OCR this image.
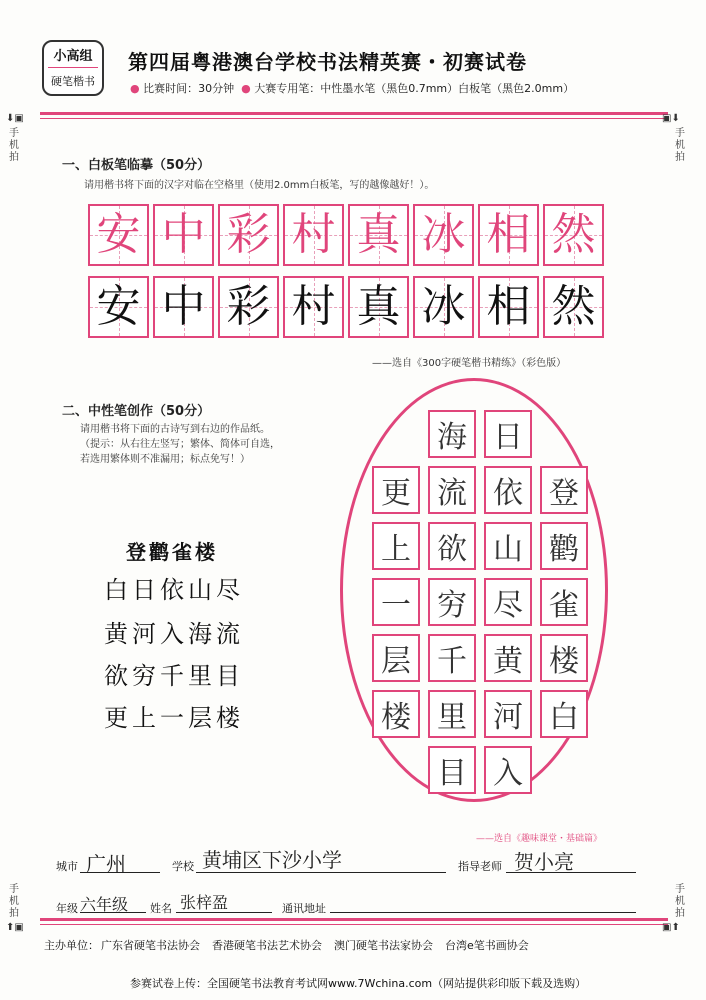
小高组
硬笔楷书
第四届粤港澳台学校书法精英赛・初赛试卷
● 比赛时间：30分钟 ● 大赛专用笔：中性墨水笔（黑色0.7mm）白板笔（黑色2.0mm）
⬇▣
手
机
拍
▣⬇
手
机
拍
手
机
拍
⬆▣
手
机
拍
▣⬆
一、白板笔临摹（50分）
请用楷书将下面的汉字对临在空格里（使用2.0mm白板笔，写的越像越好！）。
安 中 彩 村 真 冰 相 然
安 中 彩 村 真 冰 相 然
——选自《300字硬笔楷书精练》（彩色版）
二、中性笔创作（50分）
请用楷书将下面的古诗写到右边的作品纸。
（提示：从右往左竖写；繁体、简体可自选，
若选用繁体则不准漏用；标点免写！）
登鹳雀楼
白日依山尽
黄河入海流
欲穷千里目
更上一层楼
更
上
一
层
楼
海
流
欲
穷
千
里
目
日
依
山
尽
黄
河
入
登
鹳
雀
楼
白
——选自《趣味课堂・基础篇》
城市 广州	学校 黄埔区下沙小学	指导老师 贺小亮
年级 六年级 姓名 张梓盈	通讯地址
主办单位： 广东省硬笔书法协会 香港硬笔书法艺术协会 澳门硬笔书法家协会 台湾e笔书画协会
参赛试卷上传：全国硬笔书法教育考试网www.7Wchina.com（网站提供彩印版下载及选购）
